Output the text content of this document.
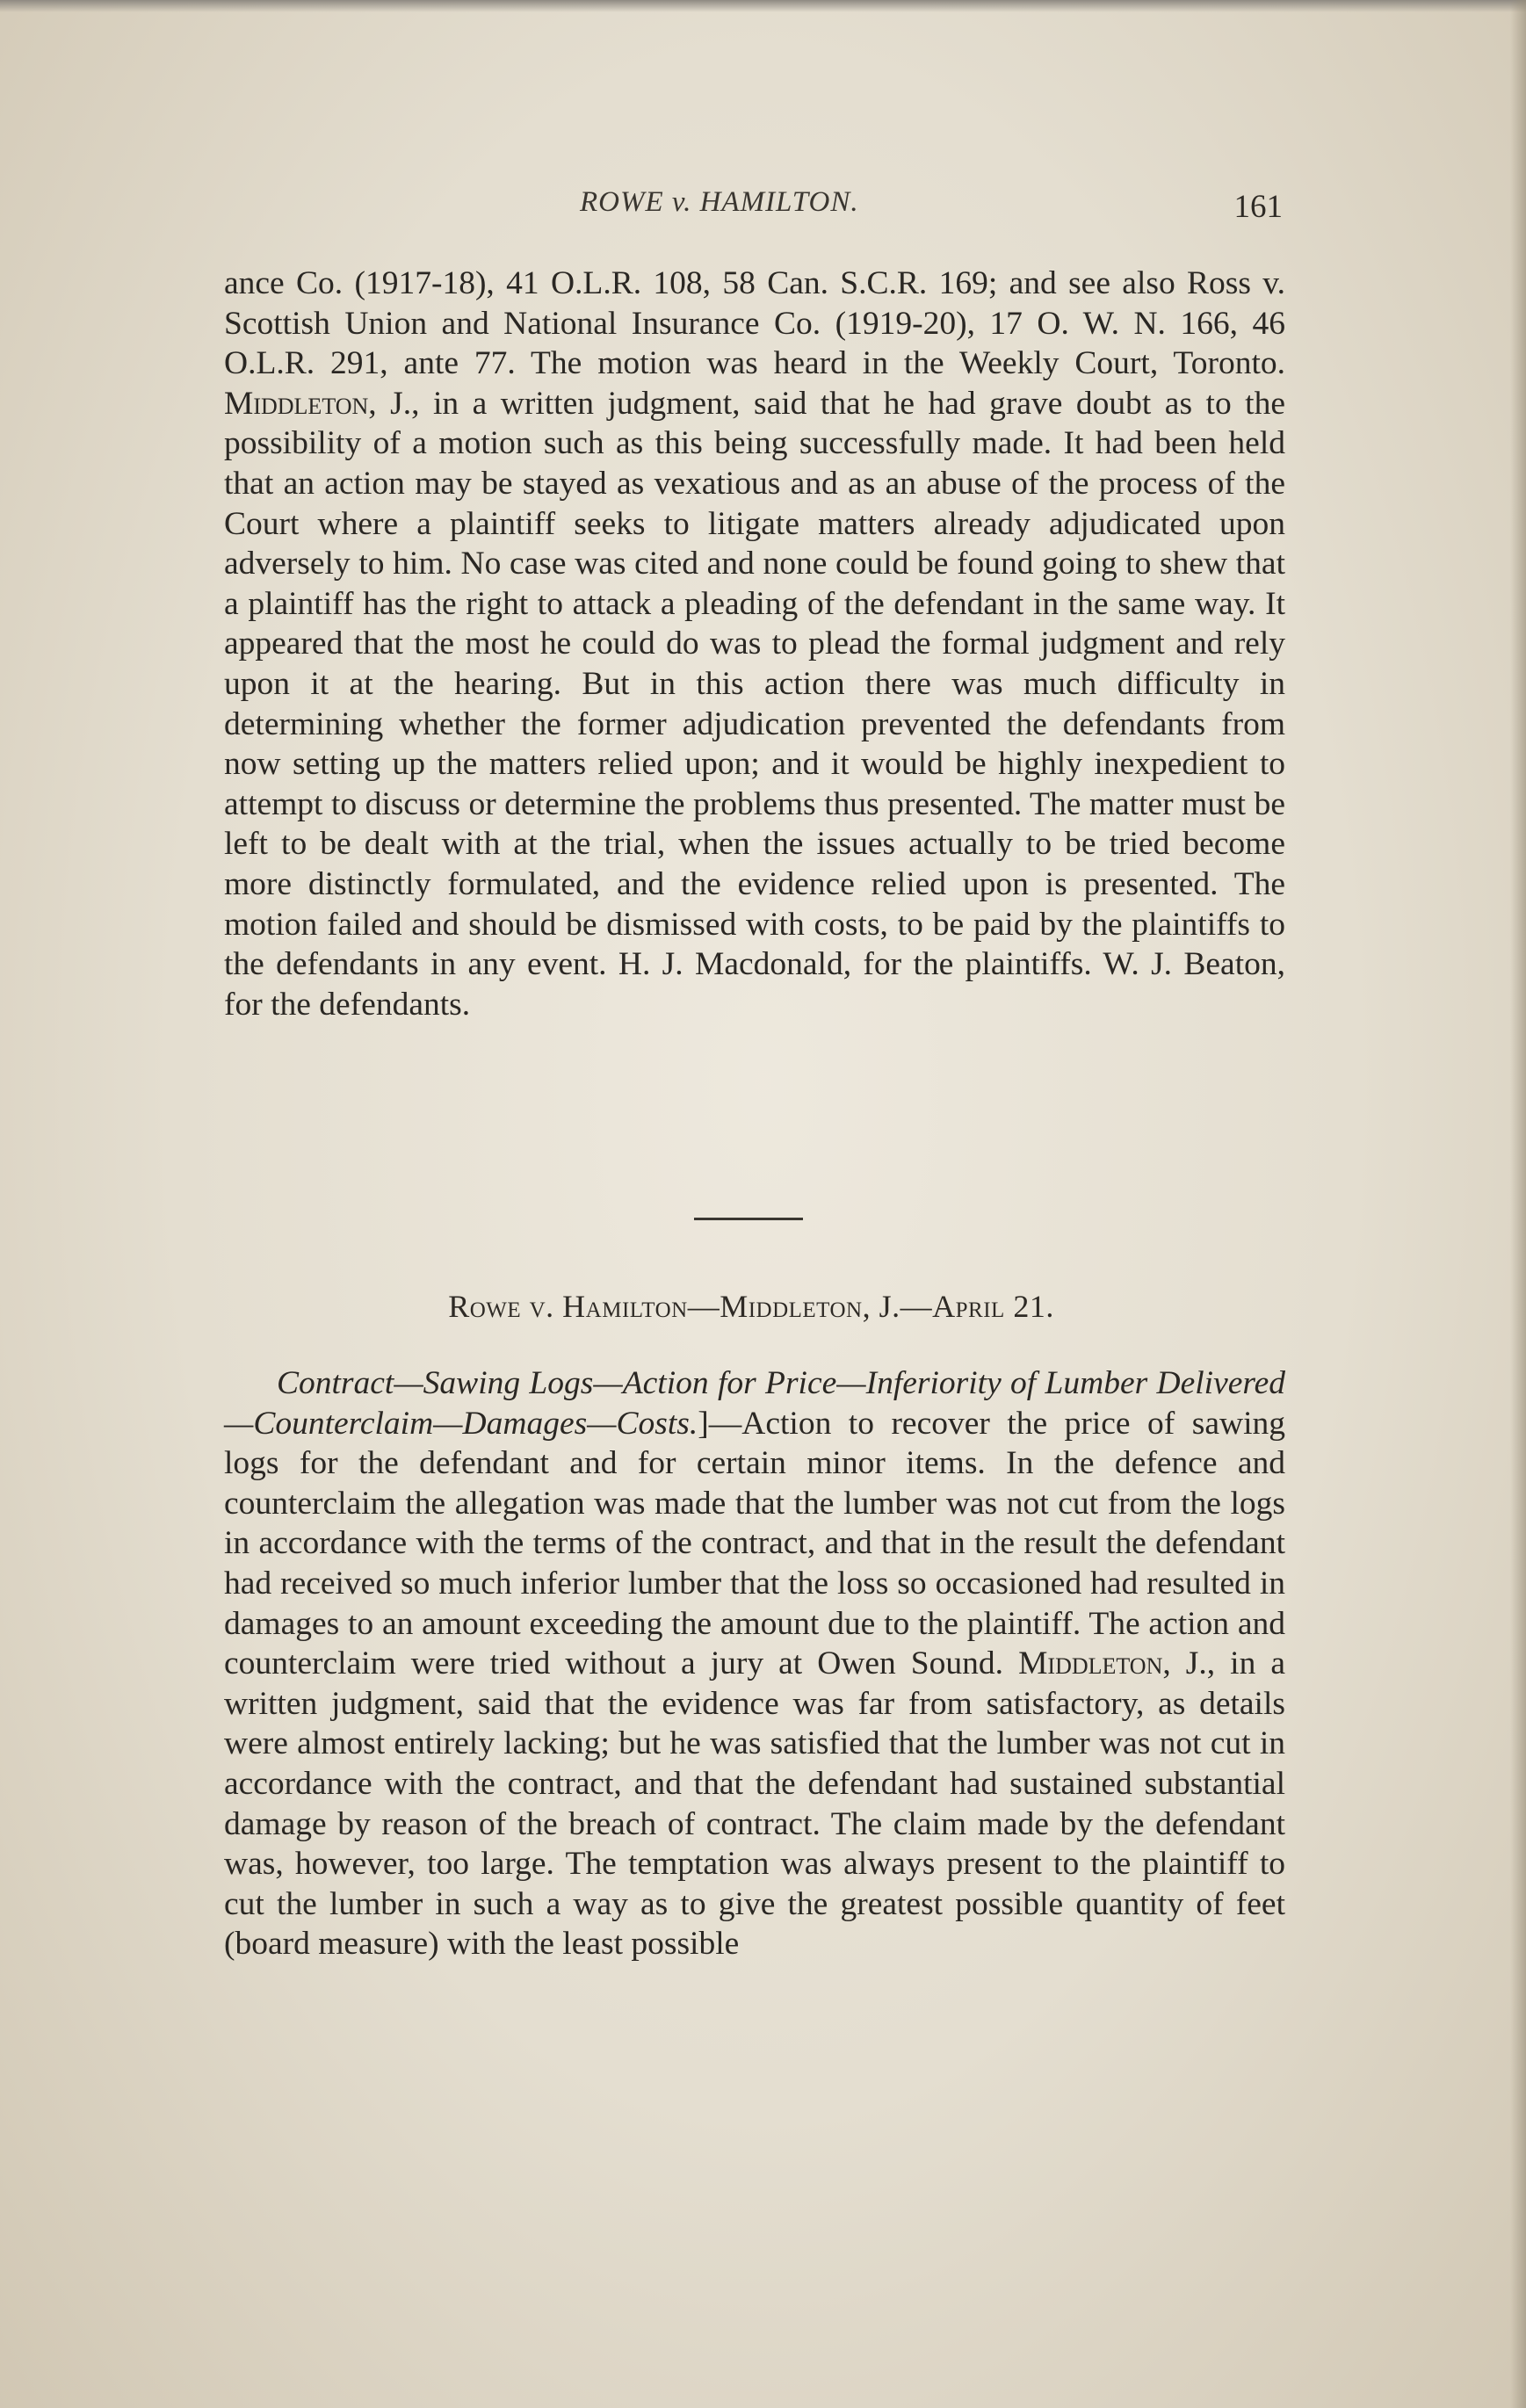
ROWE v. HAMILTON.	161
ance Co. (1917-18), 41 O.L.R. 108, 58 Can. S.C.R. 169; and see also Ross v. Scottish Union and National Insurance Co. (1919-20), 17 O. W. N. 166, 46 O.L.R. 291, ante 77. The motion was heard in the Weekly Court, Toronto. Middleton, J., in a written judgment, said that he had grave doubt as to the possibility of a motion such as this being successfully made. It had been held that an action may be stayed as vexatious and as an abuse of the process of the Court where a plaintiff seeks to litigate matters already adjudicated upon adversely to him. No case was cited and none could be found going to shew that a plaintiff has the right to attack a pleading of the defendant in the same way. It appeared that the most he could do was to plead the formal judgment and rely upon it at the hearing. But in this action there was much difficulty in determining whether the former adjudication prevented the defendants from now setting up the matters relied upon; and it would be highly inexpedient to attempt to discuss or determine the problems thus presented. The matter must be left to be dealt with at the trial, when the issues actually to be tried become more distinctly formulated, and the evidence relied upon is presented. The motion failed and should be dismissed with costs, to be paid by the plaintiffs to the defendants in any event. H. J. Macdonald, for the plaintiffs. W. J. Beaton, for the defendants.
Rowe v. Hamilton—Middleton, J.—April 21.
Contract—Sawing Logs—Action for Price—Inferiority of Lumber Delivered—Counterclaim—Damages—Costs.]—Action to recover the price of sawing logs for the defendant and for certain minor items. In the defence and counterclaim the allegation was made that the lumber was not cut from the logs in accordance with the terms of the contract, and that in the result the defendant had received so much inferior lumber that the loss so occasioned had resulted in damages to an amount exceeding the amount due to the plaintiff. The action and counterclaim were tried without a jury at Owen Sound. Middleton, J., in a written judgment, said that the evidence was far from satisfactory, as details were almost entirely lacking; but he was satisfied that the lumber was not cut in accordance with the contract, and that the defendant had sustained substantial damage by reason of the breach of contract. The claim made by the defendant was, however, too large. The temptation was always present to the plaintiff to cut the lumber in such a way as to give the greatest possible quantity of feet (board measure) with the least possible
